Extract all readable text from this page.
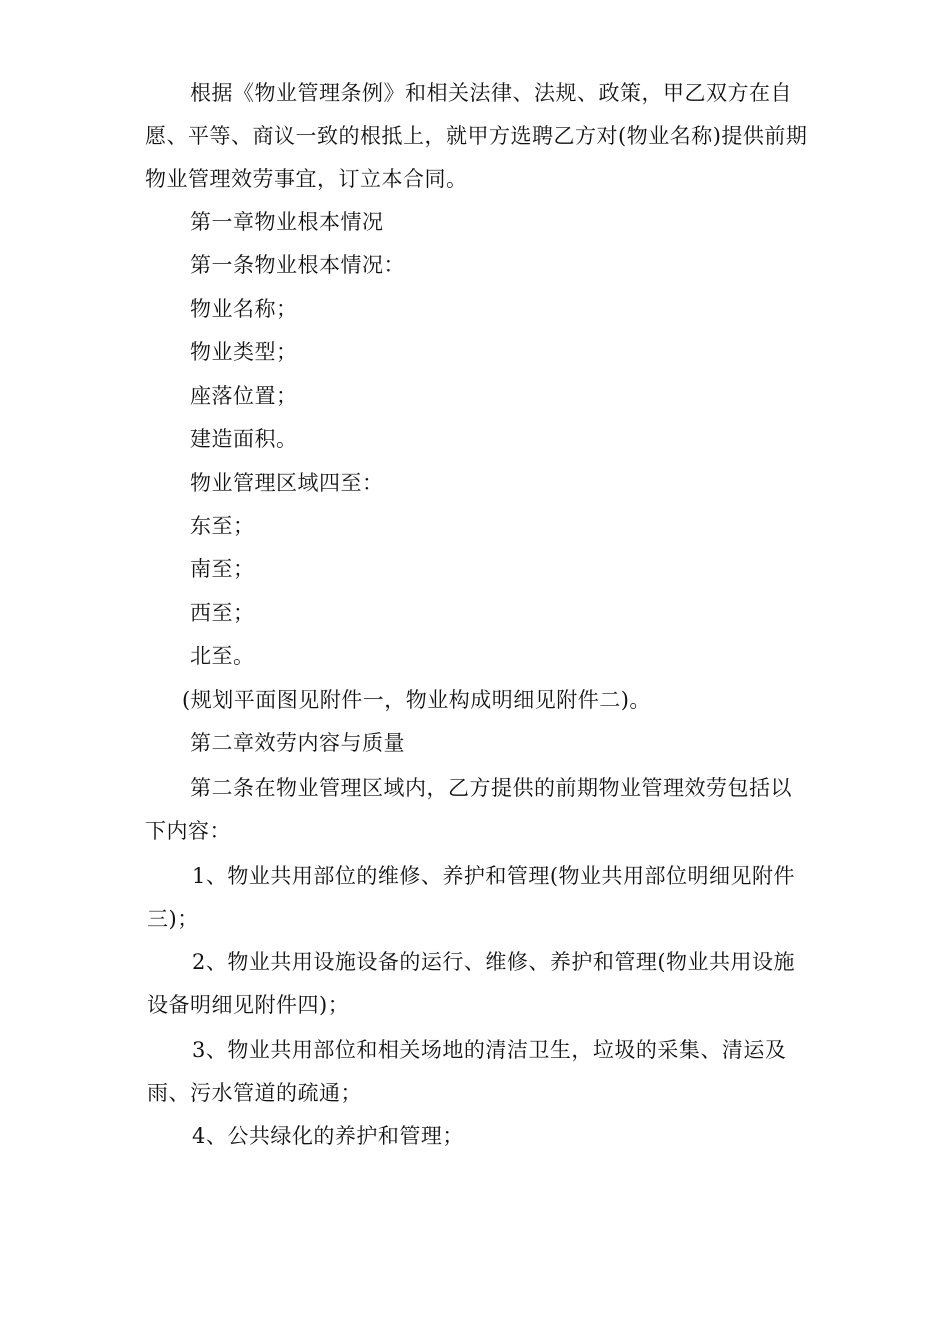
根据《物业管理条例》和相关法律、法规、政策，甲乙双方在自愿、平等、商议一致的根抵上，就甲方选聘乙方对(物业名称)提供前期物业管理效劳事宜，订立本合同。

第一章物业根本情况

第一条物业根本情况：

物业名称；

物业类型；

座落位置；

建造面积。

物业管理区域四至：

东至；

南至；

西至；

北至。

(规划平面图见附件一，物业构成明细见附件二)。

第二章效劳内容与质量

第二条在物业管理区域内，乙方提供的前期物业管理效劳包括以下内容：

1、物业共用部位的维修、养护和管理(物业共用部位明细见附件三)；

2、物业共用设施设备的运行、维修、养护和管理(物业共用设施设备明细见附件四)；

3、物业共用部位和相关场地的清洁卫生，垃圾的采集、清运及雨、污水管道的疏通；

4、公共绿化的养护和管理；
